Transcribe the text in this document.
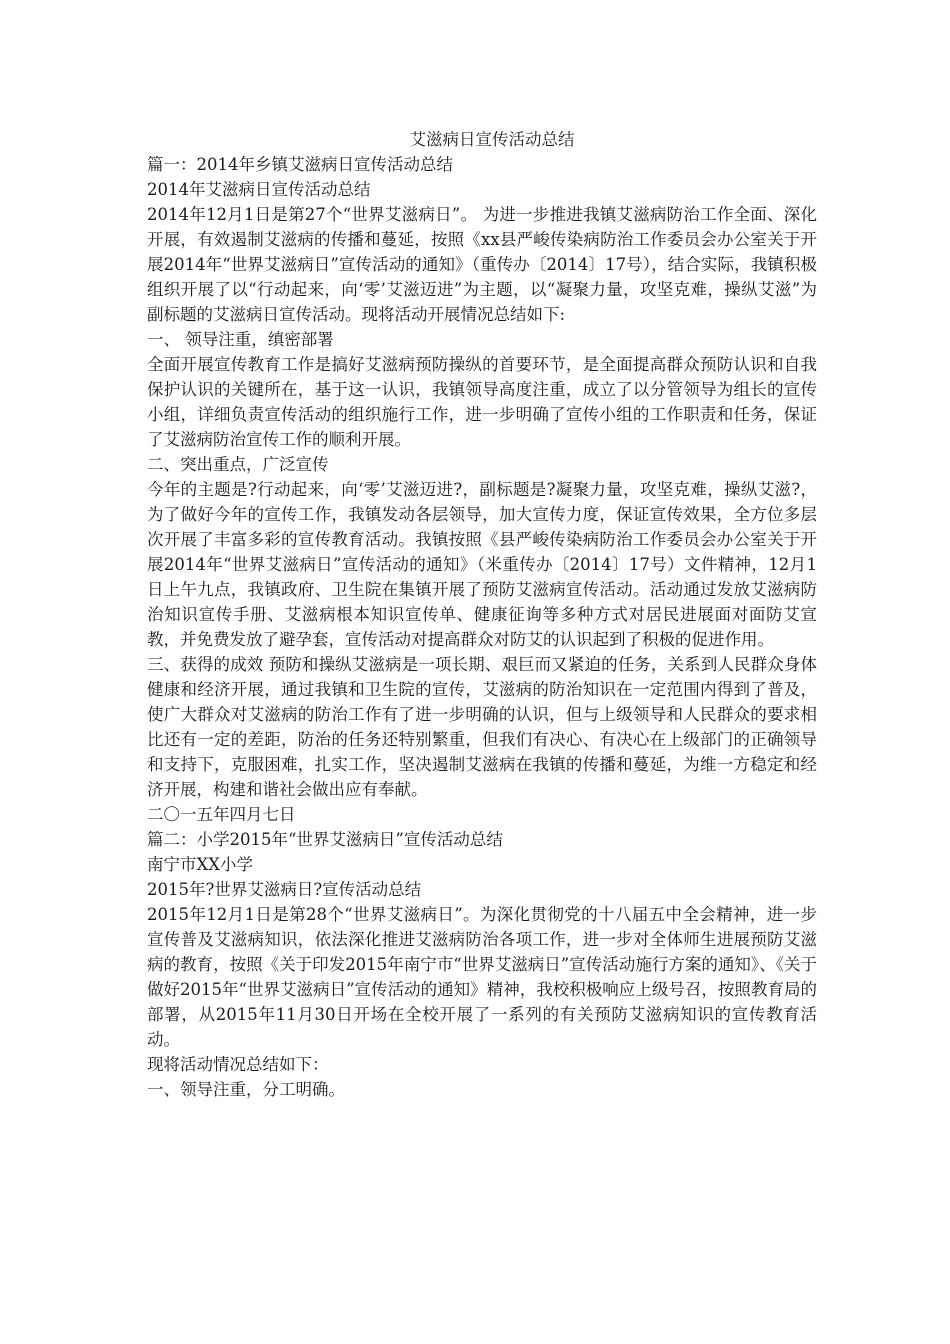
艾滋病日宣传活动总结

篇一：2014年乡镇艾滋病日宣传活动总结

2014年艾滋病日宣传活动总结

2014年12月1日是第27个“世界艾滋病日”。 为进一步推进我镇艾滋病防治工作全面、深化开展，有效遏制艾滋病的传播和蔓延，按照《xx县严峻传染病防治工作委员会办公室关于开展2014年“世界艾滋病日”宣传活动的通知》（重传办〔2014〕17号），结合实际，我镇积极组织开展了以“行动起来，向‘零’艾滋迈进”为主题，以“凝聚力量，攻坚克难，操纵艾滋”为副标题的艾滋病日宣传活动。现将活动开展情况总结如下:

一、 领导注重，缜密部署

全面开展宣传教育工作是搞好艾滋病预防操纵的首要环节，是全面提高群众预防认识和自我保护认识的关键所在，基于这一认识，我镇领导高度注重，成立了以分管领导为组长的宣传小组，详细负责宣传活动的组织施行工作，进一步明确了宣传小组的工作职责和任务，保证了艾滋病防治宣传工作的顺利开展。

二、突出重点，广泛宣传

今年的主题是?行动起来，向‘零’艾滋迈进?，副标题是?凝聚力量，攻坚克难，操纵艾滋?，为了做好今年的宣传工作，我镇发动各层领导，加大宣传力度，保证宣传效果，全方位多层次开展了丰富多彩的宣传教育活动。我镇按照《县严峻传染病防治工作委员会办公室关于开展2014年“世界艾滋病日”宣传活动的通知》（米重传办〔2014〕17号）文件精神，12月1日上午九点，我镇政府、卫生院在集镇开展了预防艾滋病宣传活动。活动通过发放艾滋病防治知识宣传手册、艾滋病根本知识宣传单、健康征询等多种方式对居民进展面对面防艾宣教，并免费发放了避孕套，宣传活动对提高群众对防艾的认识起到了积极的促进作用。

三、获得的成效 预防和操纵艾滋病是一项长期、艰巨而又紧迫的任务，关系到人民群众身体健康和经济开展，通过我镇和卫生院的宣传，艾滋病的防治知识在一定范围内得到了普及，使广大群众对艾滋病的防治工作有了进一步明确的认识，但与上级领导和人民群众的要求相比还有一定的差距，防治的任务还特别繁重，但我们有决心、有决心在上级部门的正确领导和支持下，克服困难，扎实工作，坚决遏制艾滋病在我镇的传播和蔓延，为维一方稳定和经济开展，构建和谐社会做出应有奉献。

二〇一五年四月七日

篇二：小学2015年“世界艾滋病日”宣传活动总结

南宁市XX小学

2015年?世界艾滋病日?宣传活动总结

2015年12月1日是第28个“世界艾滋病日”。为深化贯彻党的十八届五中全会精神，进一步宣传普及艾滋病知识，依法深化推进艾滋病防治各项工作，进一步对全体师生进展预防艾滋病的教育，按照《关于印发2015年南宁市“世界艾滋病日”宣传活动施行方案的通知》、《关于做好2015年“世界艾滋病日”宣传活动的通知》精神，我校积极响应上级号召，按照教育局的部署，从2015年11月30日开场在全校开展了一系列的有关预防艾滋病知识的宣传教育活动。

现将活动情况总结如下：

一、领导注重，分工明确。
